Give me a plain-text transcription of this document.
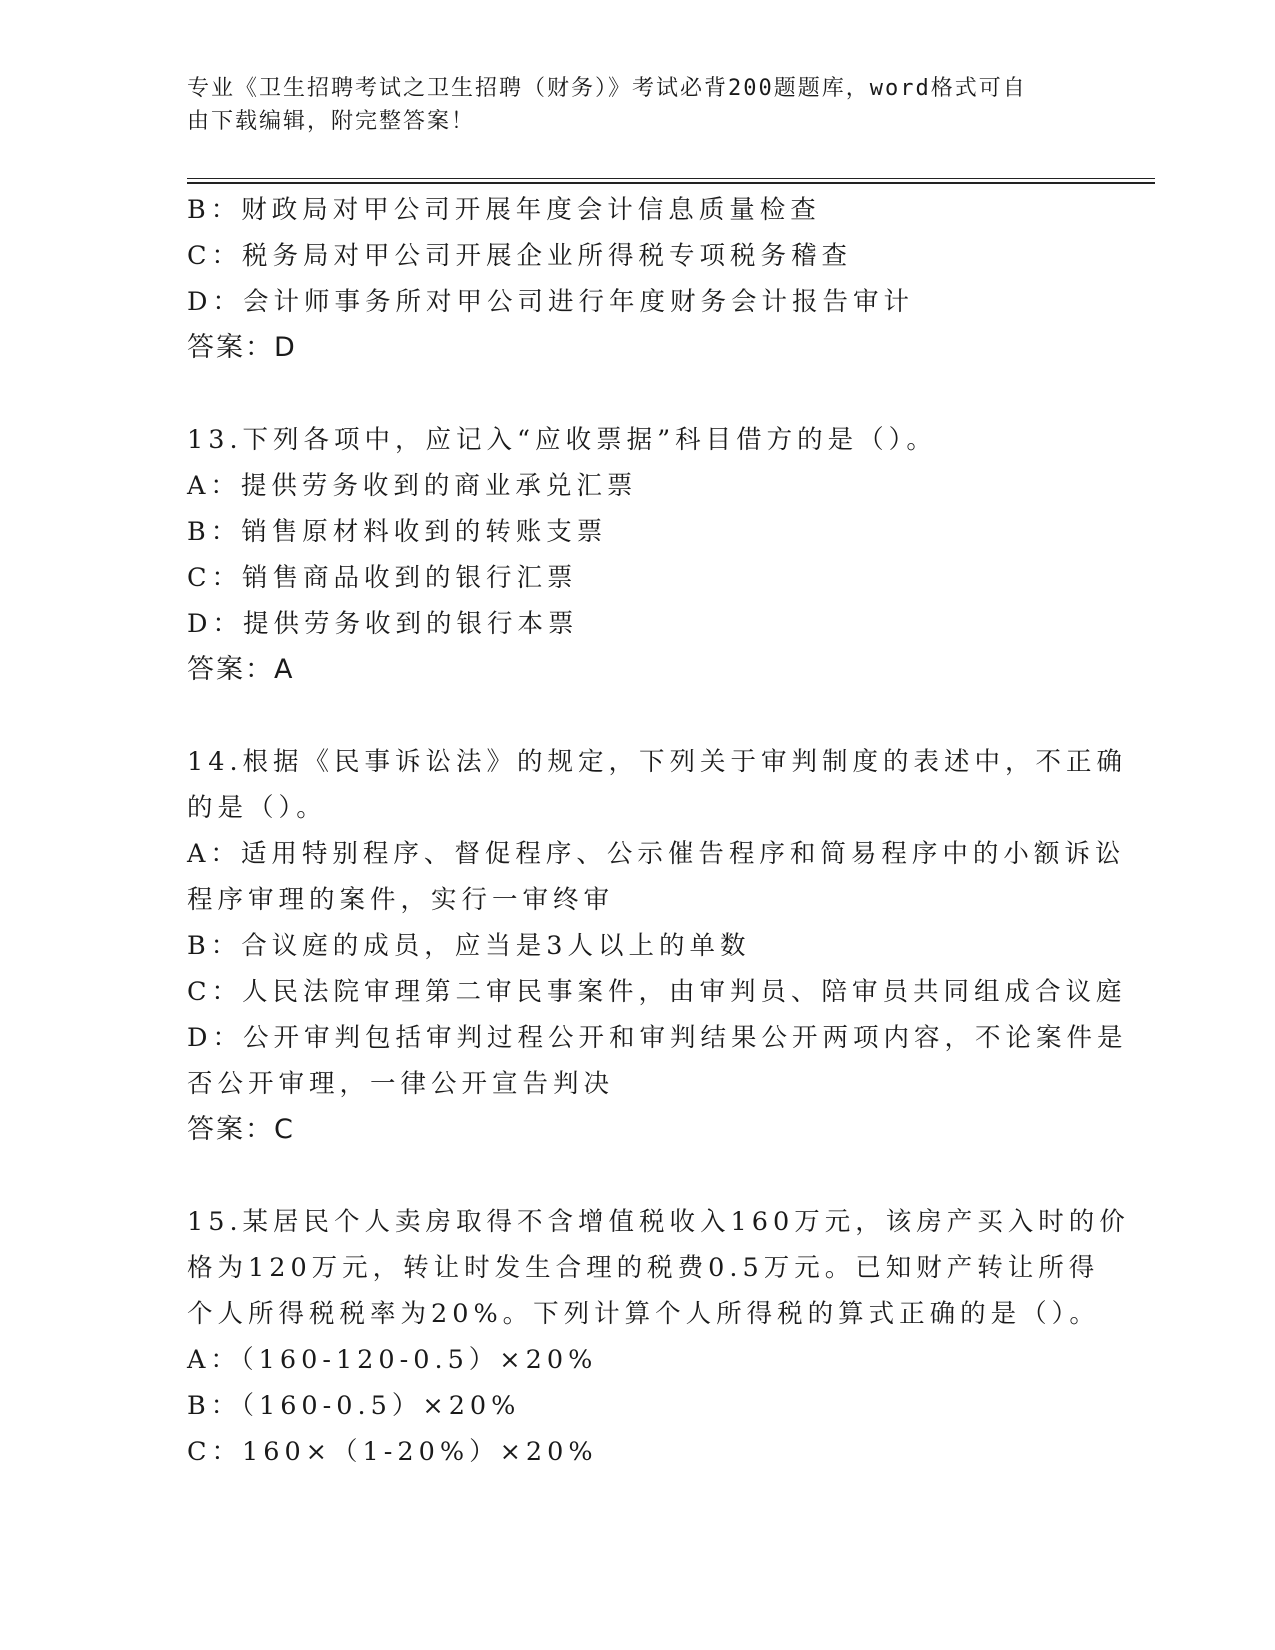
专业《卫生招聘考试之卫生招聘（财务）》考试必背200题题库，word格式可自
由下载编辑，附完整答案！
B：财政局对甲公司开展年度会计信息质量检查
C：税务局对甲公司开展企业所得税专项税务稽查
D：会计师事务所对甲公司进行年度财务会计报告审计
答案：D
13.下列各项中，应记入“应收票据”科目借方的是（）。
A：提供劳务收到的商业承兑汇票
B：销售原材料收到的转账支票
C：销售商品收到的银行汇票
D：提供劳务收到的银行本票
答案：A
14.根据《民事诉讼法》的规定，下列关于审判制度的表述中，不正确
的是（）。
A：适用特别程序、督促程序、公示催告程序和简易程序中的小额诉讼
程序审理的案件，实行一审终审
B：合议庭的成员，应当是3人以上的单数
C：人民法院审理第二审民事案件，由审判员、陪审员共同组成合议庭
D：公开审判包括审判过程公开和审判结果公开两项内容，不论案件是
否公开审理，一律公开宣告判决
答案：C
15.某居民个人卖房取得不含增值税收入160万元，该房产买入时的价
格为120万元，转让时发生合理的税费0.5万元。已知财产转让所得
个人所得税税率为20%。下列计算个人所得税的算式正确的是（）。
A：（160-120-0.5）×20%
B：（160-0.5）×20%
C：160×（1-20%）×20%
